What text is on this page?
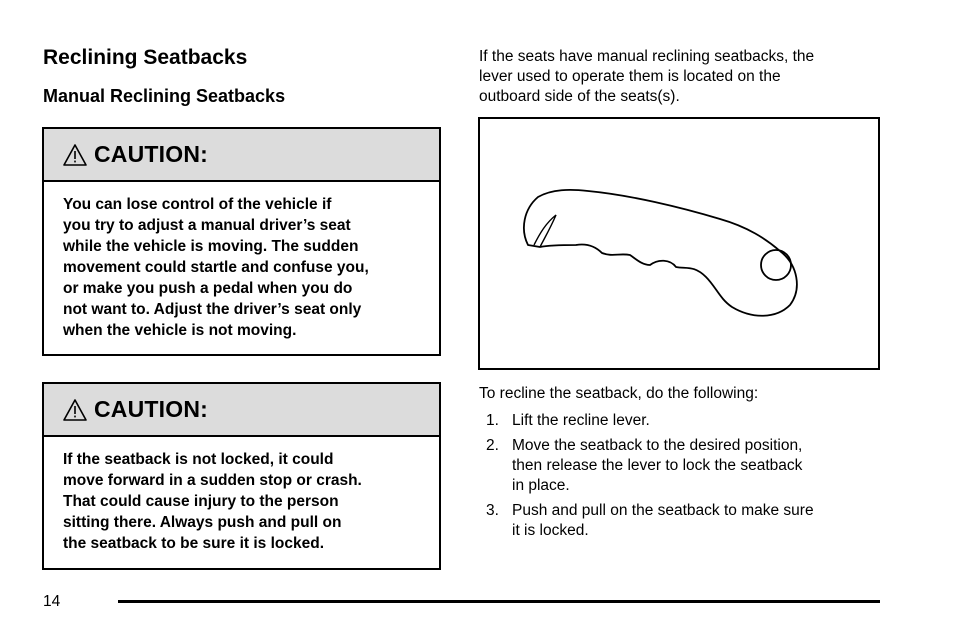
Reclining Seatbacks
Manual Reclining Seatbacks
CAUTION:
You can lose control of the vehicle if
you try to adjust a manual driver’s seat
while the vehicle is moving. The sudden
movement could startle and confuse you,
or make you push a pedal when you do
not want to. Adjust the driver’s seat only
when the vehicle is not moving.
CAUTION:
If the seatback is not locked, it could
move forward in a sudden stop or crash.
That could cause injury to the person
sitting there. Always push and pull on
the seatback to be sure it is locked.
If the seats have manual reclining seatbacks, the
lever used to operate them is located on the
outboard side of the seats(s).
To recline the seatback, do the following:
1. Lift the recline lever.
2. Move the seatback to the desired position,
then release the lever to lock the seatback
in place.
3. Push and pull on the seatback to make sure
it is locked.
14
